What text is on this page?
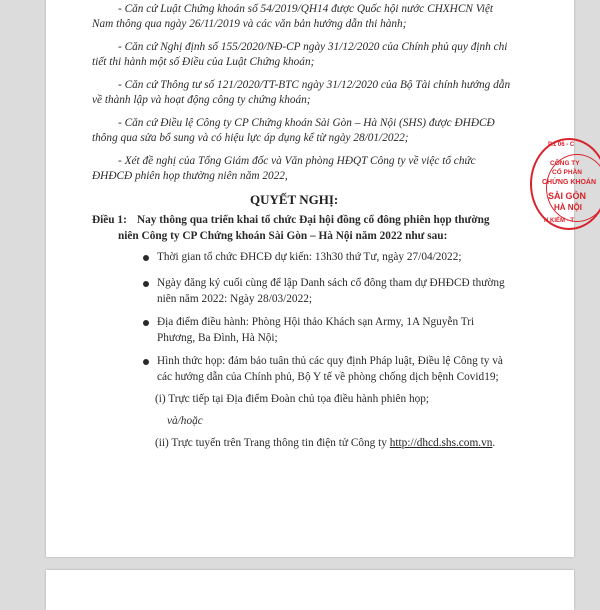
- Căn cứ Luật Chứng khoán số 54/2019/QH14 được Quốc hội nước CHXHCN Việt
Nam thông qua ngày 26/11/2019 và các văn bản hướng dẫn thi hành;
- Căn cứ Nghị định số 155/2020/NĐ-CP ngày 31/12/2020 của Chính phủ quy định chi
tiết thi hành một số Điều của Luật Chứng khoán;
- Căn cứ Thông tư số 121/2020/TT-BTC ngày 31/12/2020 của Bộ Tài chính hướng dẫn
về thành lập và hoạt động công ty chứng khoán;
- Căn cứ Điều lệ Công ty CP Chứng khoán Sài Gòn – Hà Nội (SHS) được ĐHĐCĐ
thông qua sửa bổ sung và có hiệu lực áp dụng kể từ ngày 28/01/2022;
- Xét đề nghị của Tổng Giám đốc và Văn phòng HĐQT Công ty về việc tổ chức
ĐHĐCĐ phiên họp thường niên năm 2022,
QUYẾT NGHỊ:
Điều 1: Nay thông qua triển khai tổ chức Đại hội đồng cổ đông phiên họp thường
niên Công ty CP Chứng khoán Sài Gòn – Hà Nội năm 2022 như sau:
Thời gian tổ chức ĐHCĐ dự kiến: 13h30 thứ Tư, ngày 27/04/2022;
Ngày đăng ký cuối cùng để lập Danh sách cổ đông tham dự ĐHĐCĐ thường
niên năm 2022: Ngày 28/03/2022;
Địa điểm điều hành: Phòng Hội thảo Khách sạn Army, 1A Nguyễn Tri
Phương, Ba Đình, Hà Nội;
Hình thức họp: đảm bảo tuân thủ các quy định Pháp luật, Điều lệ Công ty và
các hướng dẫn của Chính phủ, Bộ Y tế về phòng chống dịch bệnh Covid19;
(i) Trực tiếp tại Địa điểm Đoàn chủ tọa điều hành phiên họp;
và/hoặc
(ii) Trực tuyến trên Trang thông tin điện tử Công ty http://dhcd.shs.com.vn.
P.1 06 - C
CÔNG TY
CỔ PHẦN
CHỨNG KHOÁN
SÀI GÒN
HÀ NỘI
N KIẾM - T
